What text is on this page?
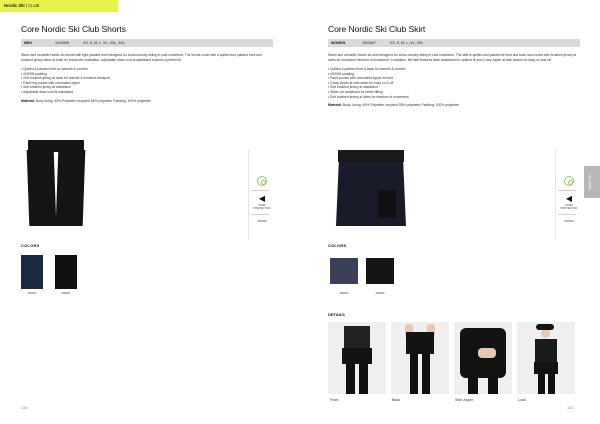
Nordic Ski | CLUB
Core Nordic Ski Club Shorts
MEN	1912695	XS, S, M, L, XL, XXL, 3XL

Warm and versatile Nordic ski shorts with light padded front designed for cross-country skiing in cold conditions. The shorts come with a quilted and padded front and brushed jersey fabric at back for enhanced ventilation. Adjustable draw-cord at waistband ensures a perfect fit.

• Quilted & padded front for warmth & comfort
• 40GSM padding
• Soft brushed jersey at back for warmth & moisture transport
• Patch leg pocket with concealed zipper
• Soft brushed jersey at waistband
• Adjustable draw cord at waistband

Material: Body lining: 45% Polyester recycled 55% polyester Padding: 100% polyester

◀
WIND PROTECTION
ZIPPER
COLORS
396000	999000
Core Nordic Ski Club Skirt
WOMEN	1912697	XS, S, M, L, XL, XXL

Warm and versatile Nordic ski skirt designed for cross-country skiing in cold conditions. The skirt is quilted and padded at front and back and comes with brushed jersey at sides for enhanced freedom of movement. In addition, the skirt features wide waistband for optimal fit and 2-way zipper at side seams for easy on and off.

• Quilted & padded front & back for warmth & comfort
• 40GSM padding
• Patch pocket with concealed zipper at front
• 2-way zipper at side seam for easy on & off
• Soft brushed jersey at waistband
• Wider cut waistband for better fitting
• Soft brushed jersey at sides for freedom of movement

Material: Body Lining: 45% Polyester recycled 55% polyester Padding: 100% polyester

◀
WIND PROTECTION
ZIPPER
COLORS
396000	999000
DETAILS
Front	Back	Side zipper	Look
Nordic Ski
140	141
